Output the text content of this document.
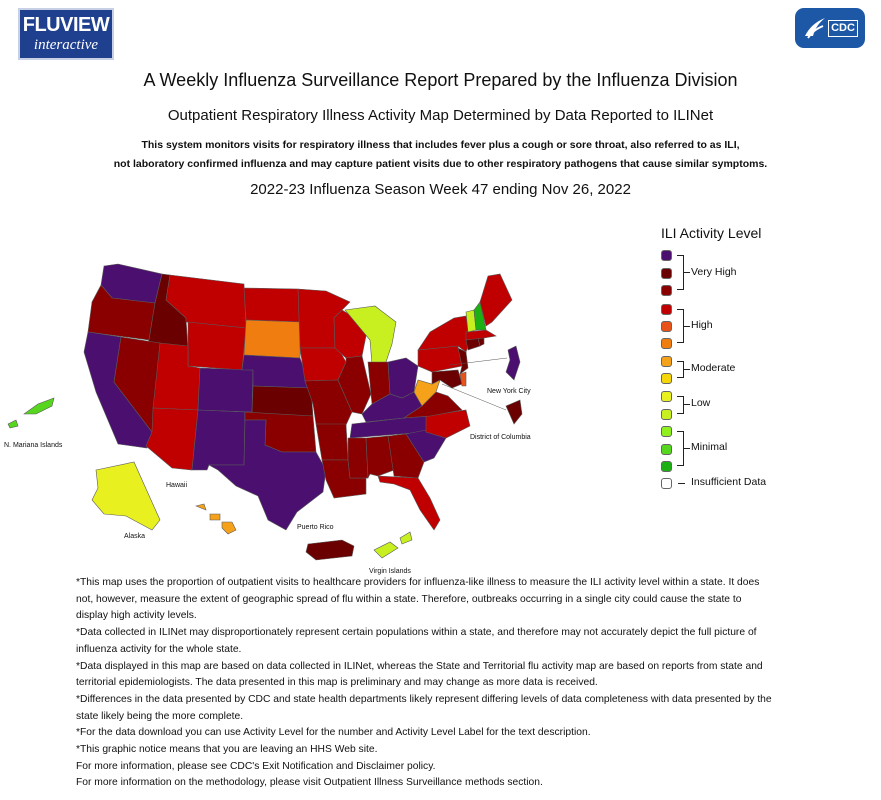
FLUVIEW
interactive
CDC
A Weekly Influenza Surveillance Report Prepared by the Influenza Division
Outpatient Respiratory Illness Activity Map Determined by Data Reported to ILINet
This system monitors visits for respiratory illness that includes fever plus a cough or sore throat, also referred to as ILI,
not laboratory confirmed influenza and may capture patient visits due to other respiratory pathogens that cause similar symptoms.
2022-23 Influenza Season Week 47 ending Nov 26, 2022
N. Mariana Islands
Hawaii
Alaska
Puerto Rico
Virgin Islands
New York City
District of Columbia
ILI Activity Level
Very High
High
Moderate
Low
Minimal
Insufficient Data

*This map uses the proportion of outpatient visits to healthcare providers for influenza-like illness to measure the ILI activity level within a state. It does not, however, measure the extent of geographic spread of flu within a state. Therefore, outbreaks occurring in a single city could cause the state to display high activity levels.

*Data collected in ILINet may disproportionately represent certain populations within a state, and therefore may not accurately depict the full picture of influenza activity for the whole state.

*Data displayed in this map are based on data collected in ILINet, whereas the State and Territorial flu activity map are based on reports from state and territorial epidemiologists. The data presented in this map is preliminary and may change as more data is received.

*Differences in the data presented by CDC and state health departments likely represent differing levels of data completeness with data presented by the state likely being the more complete.

*For the data download you can use Activity Level for the number and Activity Level Label for the text description.

*This graphic notice means that you are leaving an HHS Web site.

For more information, please see CDC's Exit Notification and Disclaimer policy.

For more information on the methodology, please visit Outpatient Illness Surveillance methods section.
